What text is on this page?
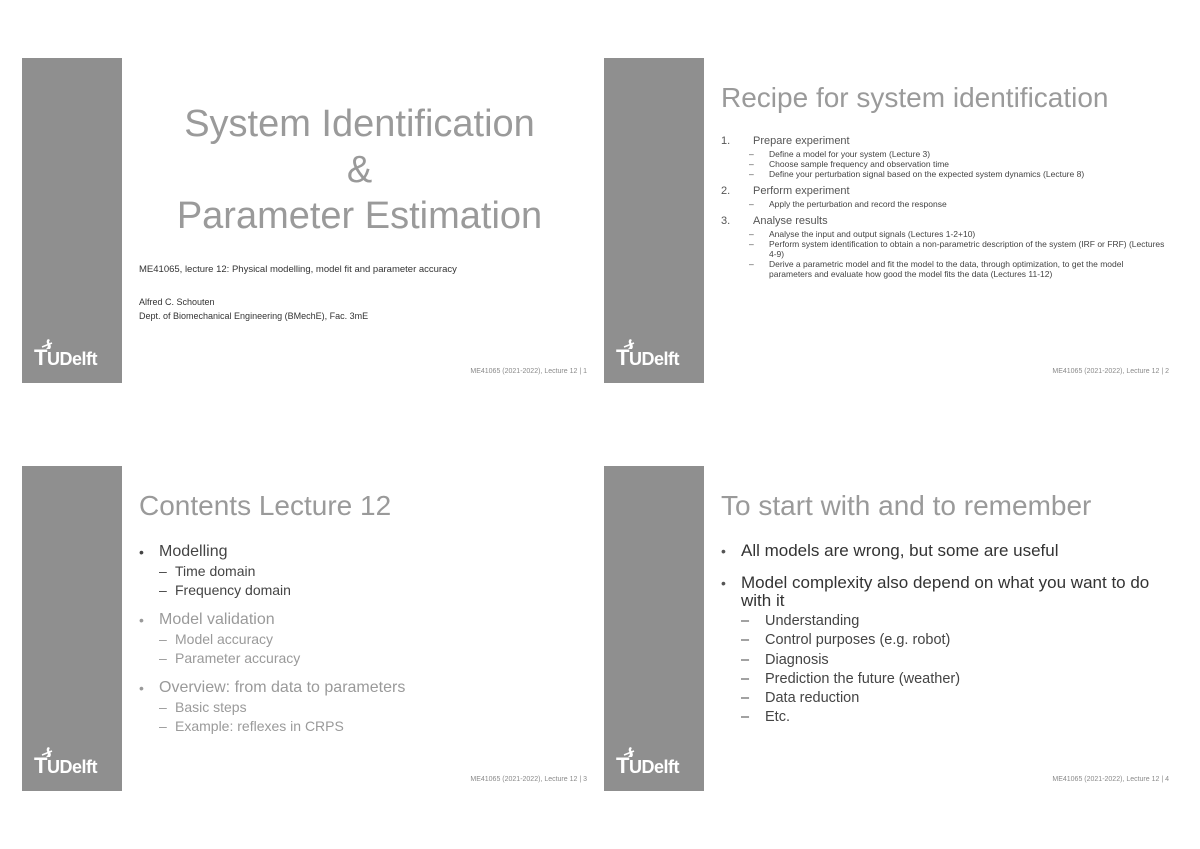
TUDelft
System Identification
&
Parameter Estimation
ME41065, lecture 12: Physical modelling, model fit and parameter accuracy
Alfred C. Schouten
Dept. of Biomechanical Engineering (BMechE), Fac. 3mE
ME41065 (2021-2022), Lecture 12 | 1
TUDelft
Recipe for system identification
1.	Prepare experiment
–	Define a model for your system (Lecture 3)
–	Choose sample frequency and observation time
–	Define your perturbation signal based on the expected system dynamics (Lecture 8)
2.	Perform experiment
–	Apply the perturbation and record the response
3.	Analyse results
–	Analyse the input and output signals (Lectures 1-2+10)
–	Perform system identification to obtain a non-parametric description of the system (IRF or FRF) (Lectures 4-9)
–	Derive a parametric model and fit the model to the data, through optimization, to get the model parameters and evaluate how good the model fits the data (Lectures 11-12)
ME41065 (2021-2022), Lecture 12 | 2
TUDelft
Contents Lecture 12
• Modelling
– Time domain
– Frequency domain
• Model validation
– Model accuracy
– Parameter accuracy
• Overview: from data to parameters
– Basic steps
– Example: reflexes in CRPS
ME41065 (2021-2022), Lecture 12 | 3
TUDelft
To start with and to remember
• All models are wrong, but some are useful
• Model complexity also depend on what you want to do with it
–	Understanding
–	Control purposes (e.g. robot)
–	Diagnosis
–	Prediction the future (weather)
–	Data reduction
–	Etc.
ME41065 (2021-2022), Lecture 12 | 4
